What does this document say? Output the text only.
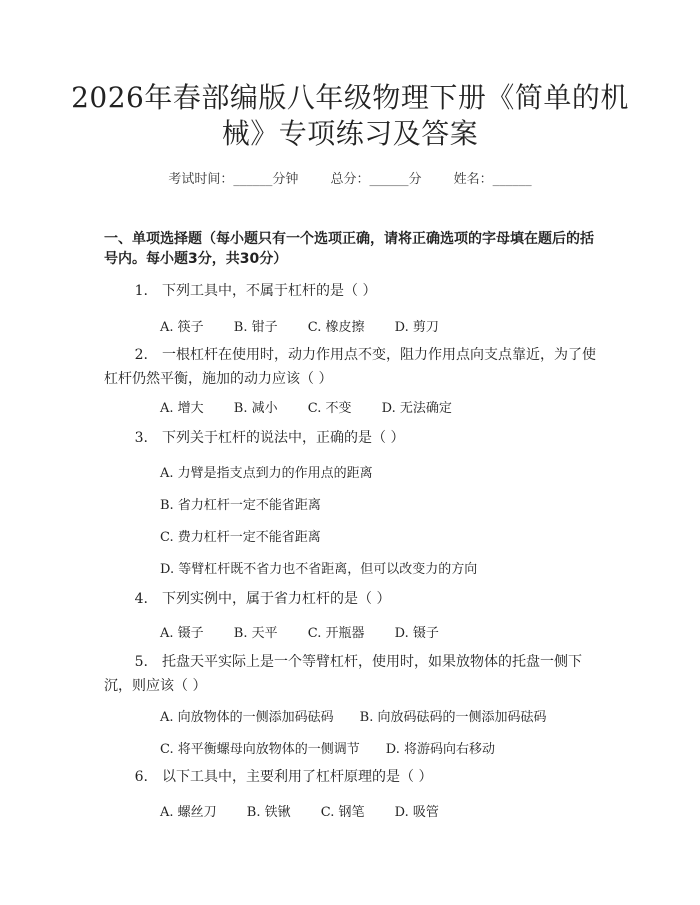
2026年春部编版八年级物理下册《简单的机械》专项练习及答案
考试时间：______分钟 总分：______分 姓名：______
一、单项选择题（每小题只有一个选项正确，请将正确选项的字母填在题后的括号内。每小题3分，共30分）
1. 下列工具中，不属于杠杆的是（ ）
A. 筷子 B. 钳子 C. 橡皮擦 D. 剪刀
2. 一根杠杆在使用时，动力作用点不变，阻力作用点向支点靠近，为了使杠杆仍然平衡，施加的动力应该（ ）
A. 增大 B. 减小 C. 不变 D. 无法确定
3. 下列关于杠杆的说法中，正确的是（ ）
A. 力臂是指支点到力的作用点的距离
B. 省力杠杆一定不能省距离
C. 费力杠杆一定不能省距离
D. 等臂杠杆既不省力也不省距离，但可以改变力的方向
4. 下列实例中，属于省力杠杆的是（ ）
A. 镊子 B. 天平 C. 开瓶器 D. 镊子
5. 托盘天平实际上是一个等臂杠杆，使用时，如果放物体的托盘一侧下沉，则应该（ ）
A. 向放物体的一侧添加码砝码 B. 向放码砝码的一侧添加码砝码
C. 将平衡螺母向放物体的一侧调节 D. 将游码向右移动
6. 以下工具中，主要利用了杠杆原理的是（ ）
A. 螺丝刀 B. 铁锹 C. 钢笔 D. 吸管
